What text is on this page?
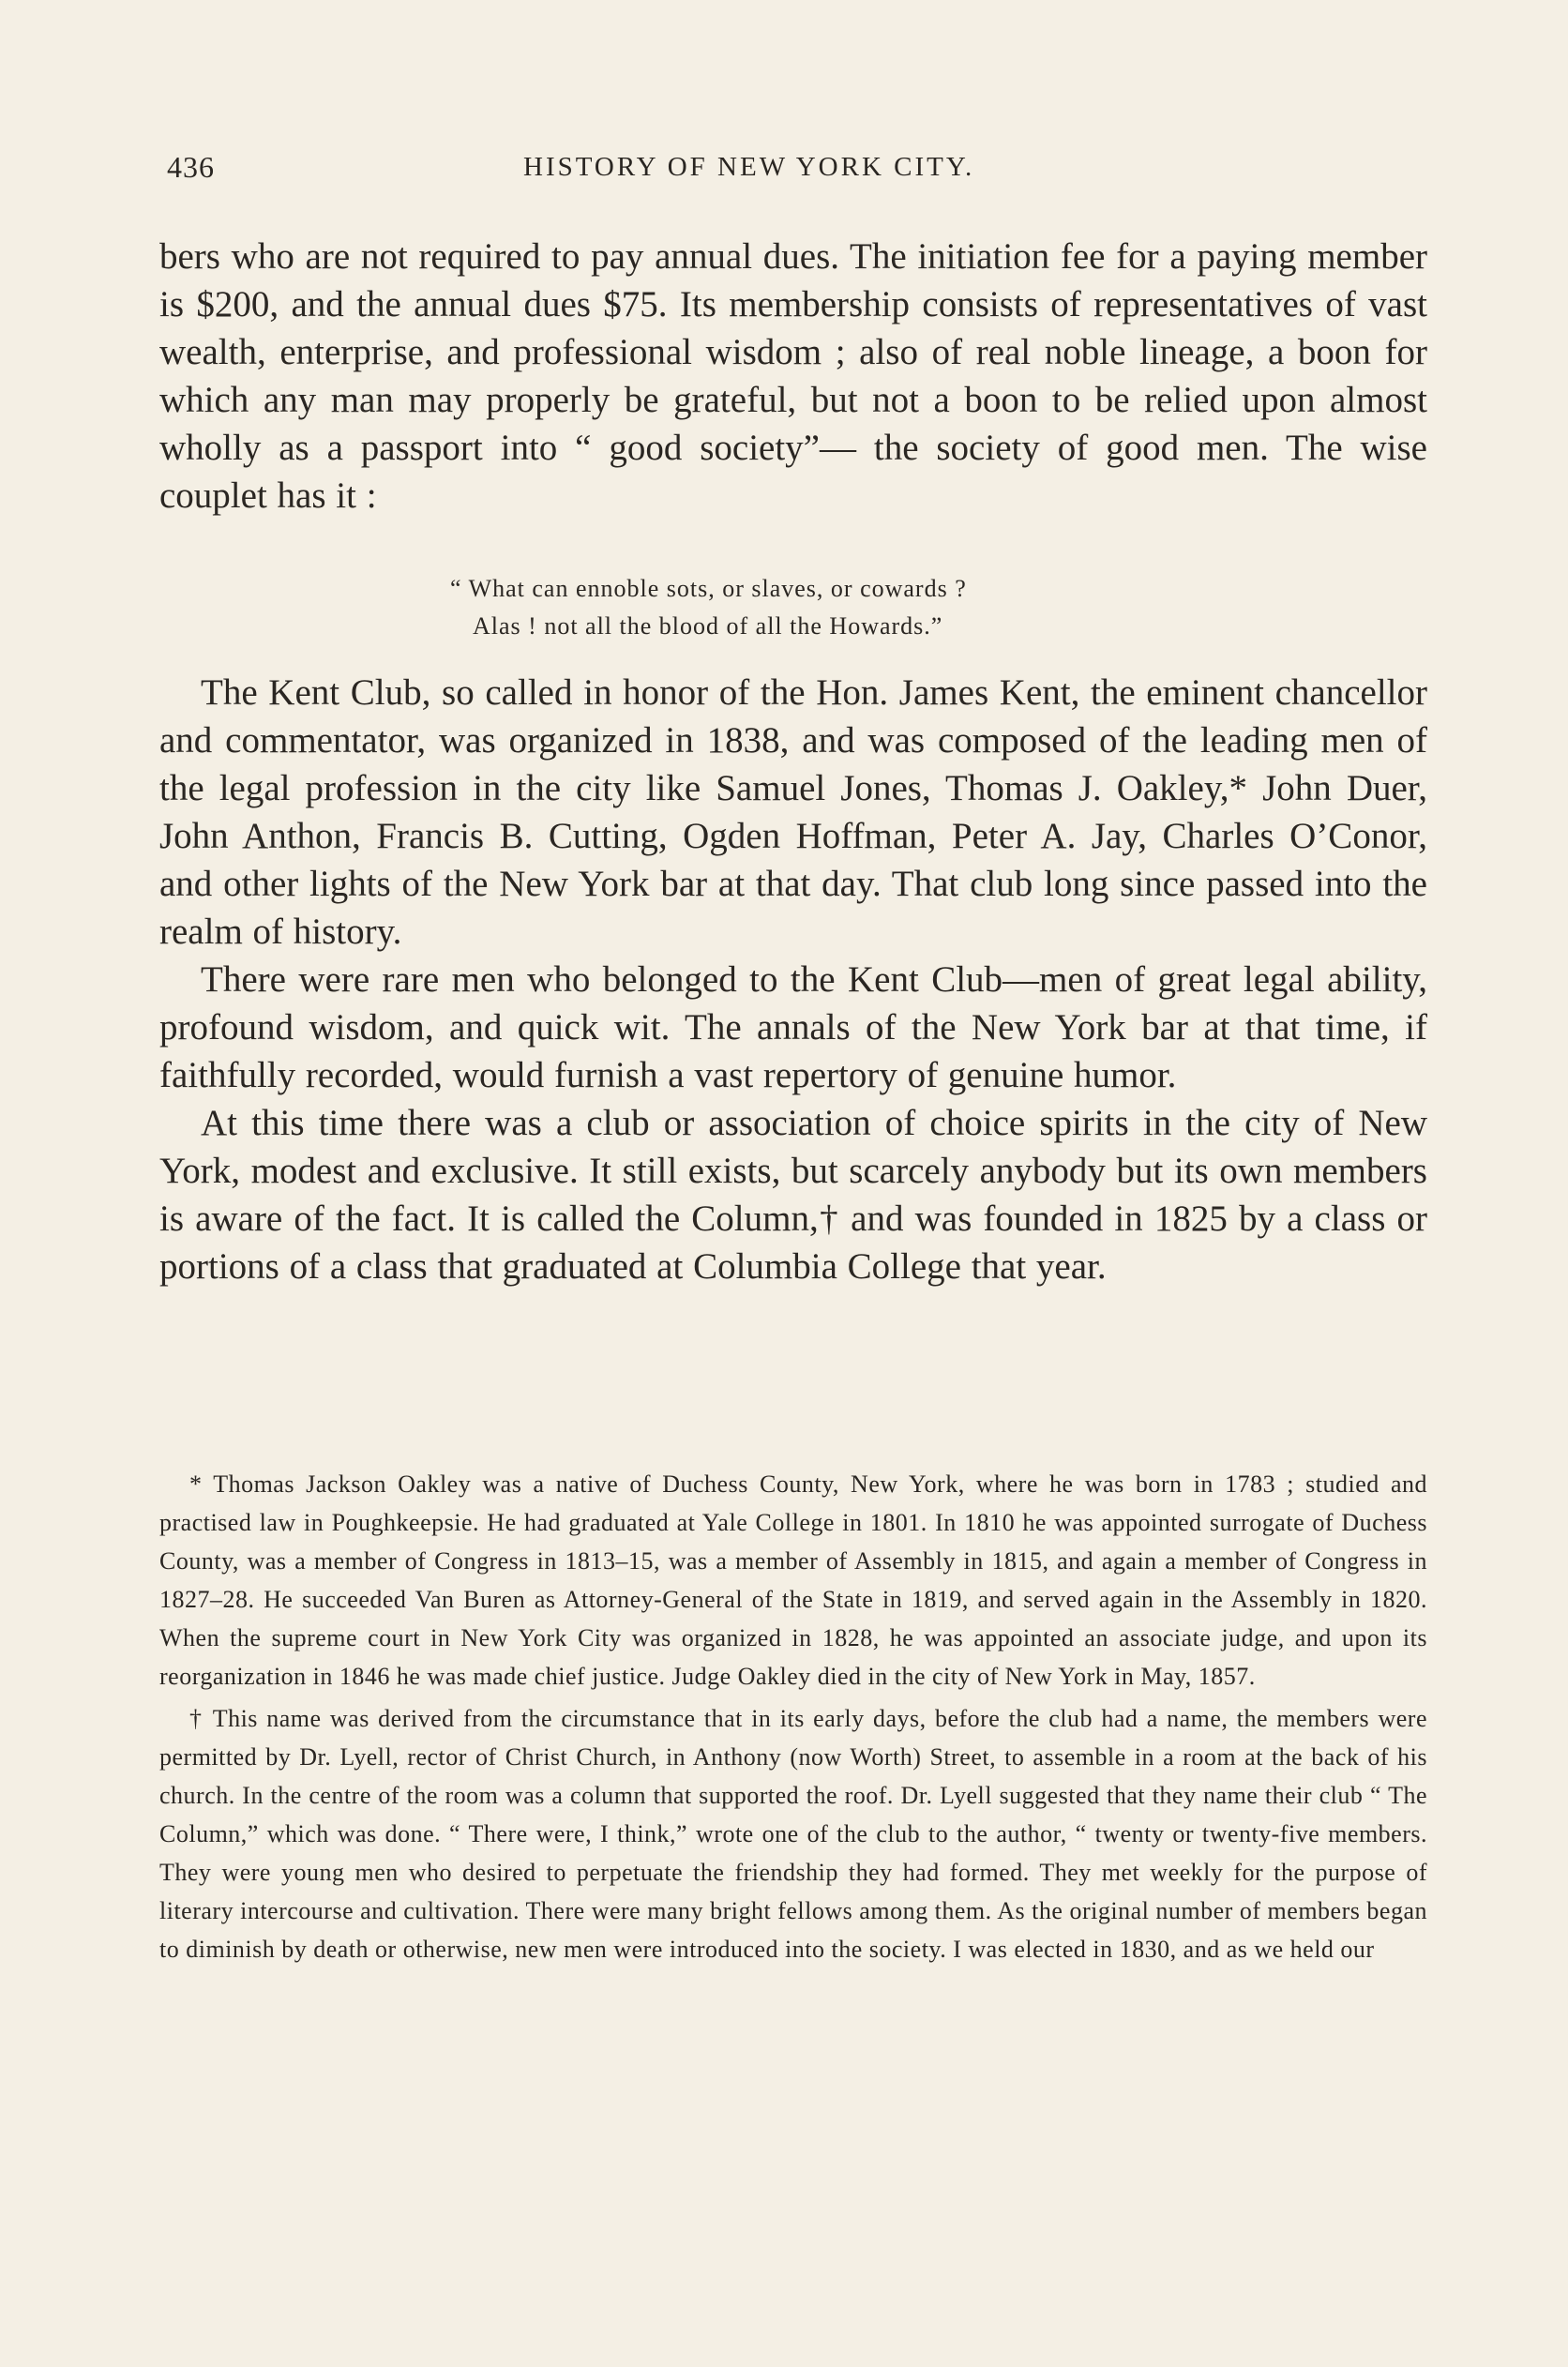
436	HISTORY OF NEW YORK CITY.

bers who are not required to pay annual dues. The initiation fee for a paying member is $200, and the annual dues $75. Its membership consists of representatives of vast wealth, enterprise, and professional wisdom ; also of real noble lineage, a boon for which any man may properly be grateful, but not a boon to be relied upon almost wholly as a passport into “ good society”— the society of good men. The wise couplet has it :

“ What can ennoble sots, or slaves, or cowards ?
Alas ! not all the blood of all the Howards.”

The Kent Club, so called in honor of the Hon. James Kent, the eminent chancellor and commentator, was organized in 1838, and was composed of the leading men of the legal profession in the city like Samuel Jones, Thomas J. Oakley,* John Duer, John Anthon, Francis B. Cutting, Ogden Hoffman, Peter A. Jay, Charles O’Conor, and other lights of the New York bar at that day. That club long since passed into the realm of history.

There were rare men who belonged to the Kent Club—men of great legal ability, profound wisdom, and quick wit. The annals of the New York bar at that time, if faithfully recorded, would furnish a vast repertory of genuine humor.

At this time there was a club or association of choice spirits in the city of New York, modest and exclusive. It still exists, but scarcely anybody but its own members is aware of the fact. It is called the Column,† and was founded in 1825 by a class or portions of a class that graduated at Columbia College that year.

* Thomas Jackson Oakley was a native of Duchess County, New York, where he was born in 1783 ; studied and practised law in Poughkeepsie. He had graduated at Yale College in 1801. In 1810 he was appointed surrogate of Duchess County, was a member of Congress in 1813–15, was a member of Assembly in 1815, and again a member of Congress in 1827–28. He succeeded Van Buren as Attorney-General of the State in 1819, and served again in the Assembly in 1820. When the supreme court in New York City was organized in 1828, he was appointed an associate judge, and upon its reorganization in 1846 he was made chief justice. Judge Oakley died in the city of New York in May, 1857.

† This name was derived from the circumstance that in its early days, before the club had a name, the members were permitted by Dr. Lyell, rector of Christ Church, in Anthony (now Worth) Street, to assemble in a room at the back of his church. In the centre of the room was a column that supported the roof. Dr. Lyell suggested that they name their club “ The Column,” which was done. “ There were, I think,” wrote one of the club to the author, “ twenty or twenty-five members. They were young men who desired to perpetuate the friendship they had formed. They met weekly for the purpose of literary intercourse and cultivation. There were many bright fellows among them. As the original number of members began to diminish by death or otherwise, new men were introduced into the society. I was elected in 1830, and as we held our
